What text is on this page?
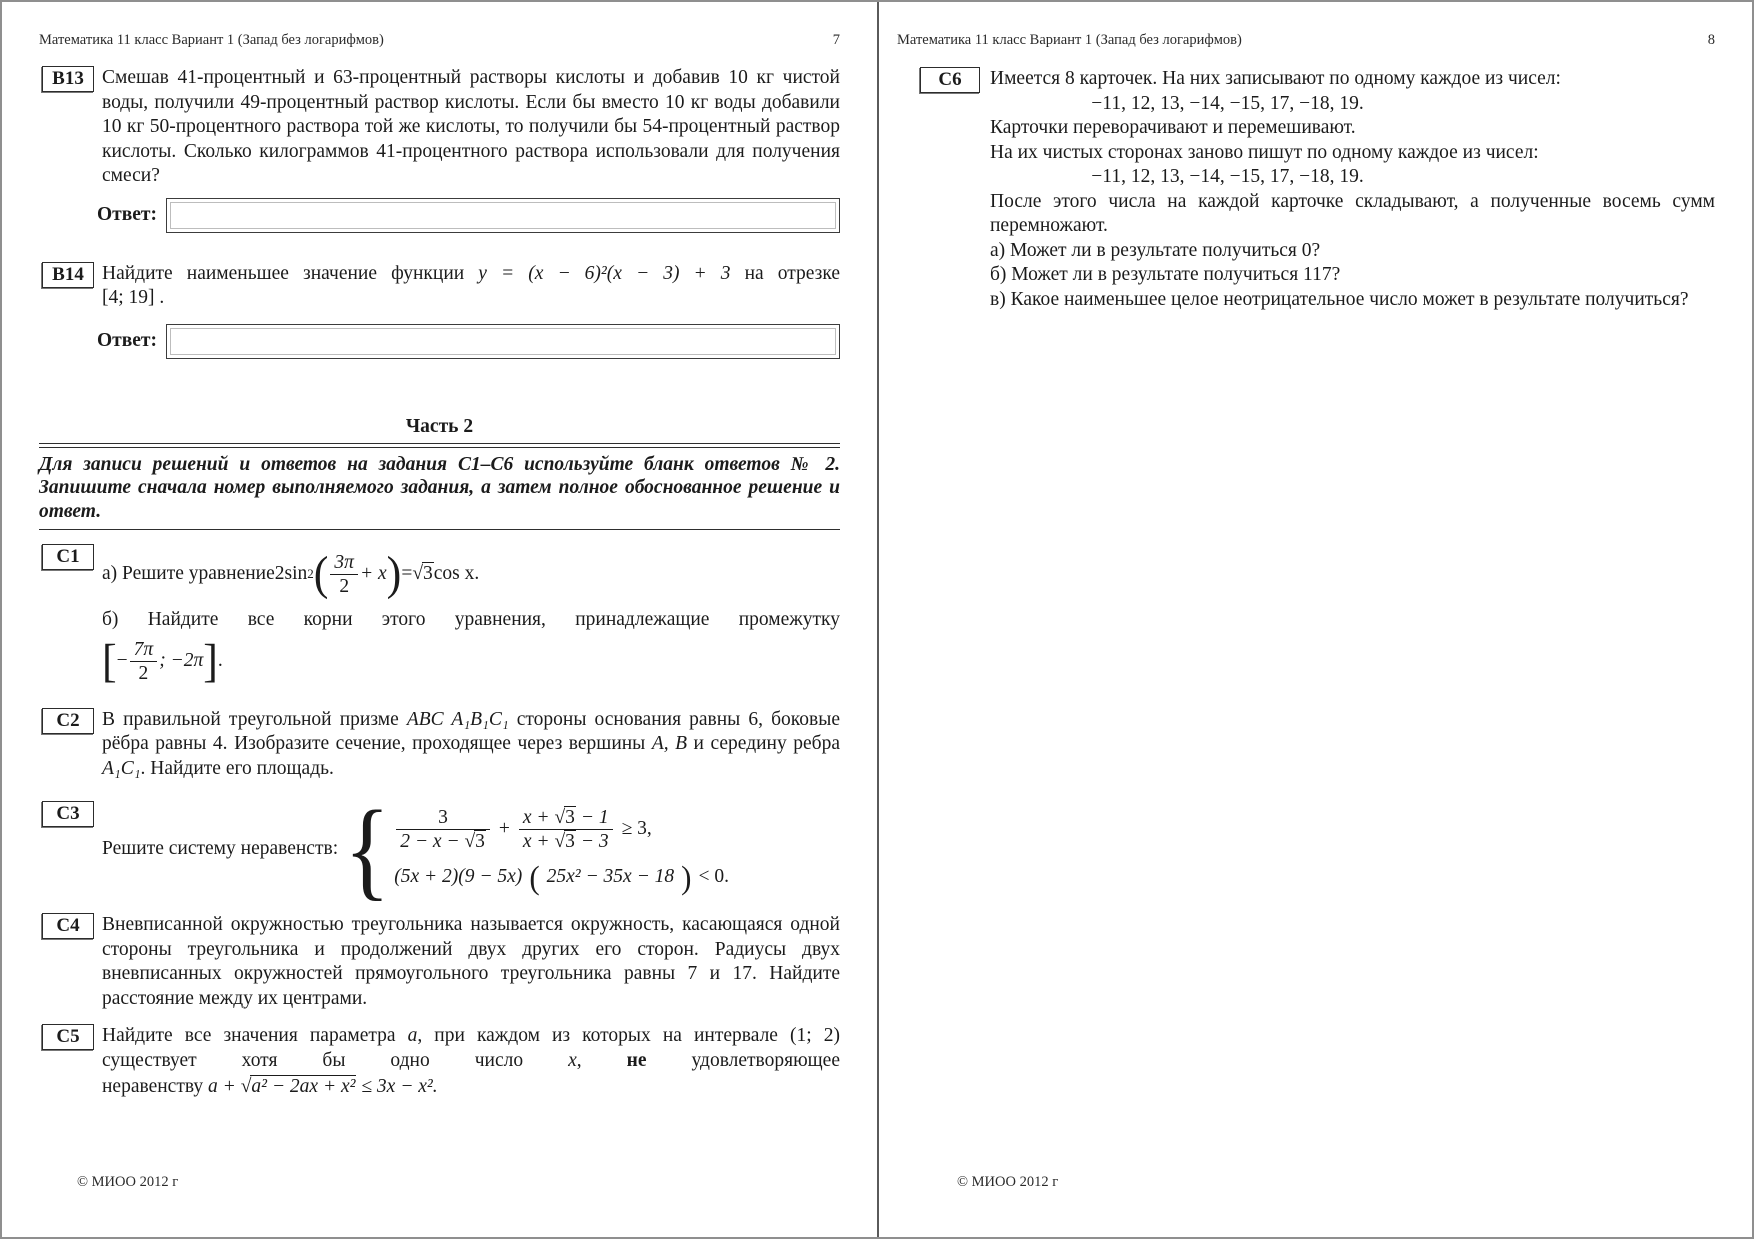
Математика 11 класс Вариант 1 (Запад без логарифмов)	7
В13 Смешав 41-процентный и 63-процентный растворы кислоты и добавив 10 кг чистой воды, получили 49-процентный раствор кислоты. Если бы вместо 10 кг воды добавили 10 кг 50-процентного раствора той же кислоты, то получили бы 54-процентный раствор кислоты. Сколько килограммов 41-процентного раствора использовали для получения смеси?
Ответ:
В14 Найдите наименьшее значение функции y = (x − 6)²(x − 3) + 3 на отрезке
[4; 19] .
Ответ:
Часть 2
Для записи решений и ответов на задания С1–С6 используйте бланк ответов № 2. Запишите сначала номер выполняемого задания, а затем полное обоснованное решение и ответ.
С1
а) Решите уравнение 2sin 2 ( $\frac{3\pi}{2} + x$ ) = √3 cos x.
б) Найдите все корни этого уравнения, принадлежащие промежутку
[ − $\frac{7\pi}{2}$ ; −2π ] .
С2	В правильной треугольной призме ABC A₁B₁C₁ стороны основания равны 6, боковые рёбра равны 4. Изобразите сечение, проходящее через вершины A, B и середину ребра A₁C₁. Найдите его площадь.
С3
Решите систему неравенств: { $\frac{3}{2 - x - √3} + \frac{x + √3 - 1}{x + √3 - 3} \ge 3$,
(5x + 2)(9 − 5x) ( 25x² − 35x − 18 ) < 0.
С4	Вневписанной окружностью треугольника называется окружность, касающаяся одной стороны треугольника и продолжений двух других его сторон. Радиусы двух вневписанных окружностей прямоугольного треугольника равны 7 и 17. Найдите расстояние между их центрами.
С5	Найдите все значения параметра a, при каждом из которых на интервале (1; 2)
существует хотя бы одно число x, не удовлетворяющее
неравенству a + √a² − 2ax + x² ≤ 3x − x².
Математика 11 класс Вариант 1 (Запад без логарифмов)	8
С6	Имеется 8 карточек. На них записывают по одному каждое из чисел:
−11, 12, 13, −14, −15, 17, −18, 19.
Карточки переворачивают и перемешивают.
На их чистых сторонах заново пишут по одному каждое из чисел:
−11, 12, 13, −14, −15, 17, −18, 19.
После этого числа на каждой карточке складывают, а полученные восемь сумм перемножают.
а) Может ли в результате получиться 0?
б) Может ли в результате получиться 117?
в) Какое наименьшее целое неотрицательное число может в результате получиться?
© МИОО 2012 г	© МИОО 2012 г
